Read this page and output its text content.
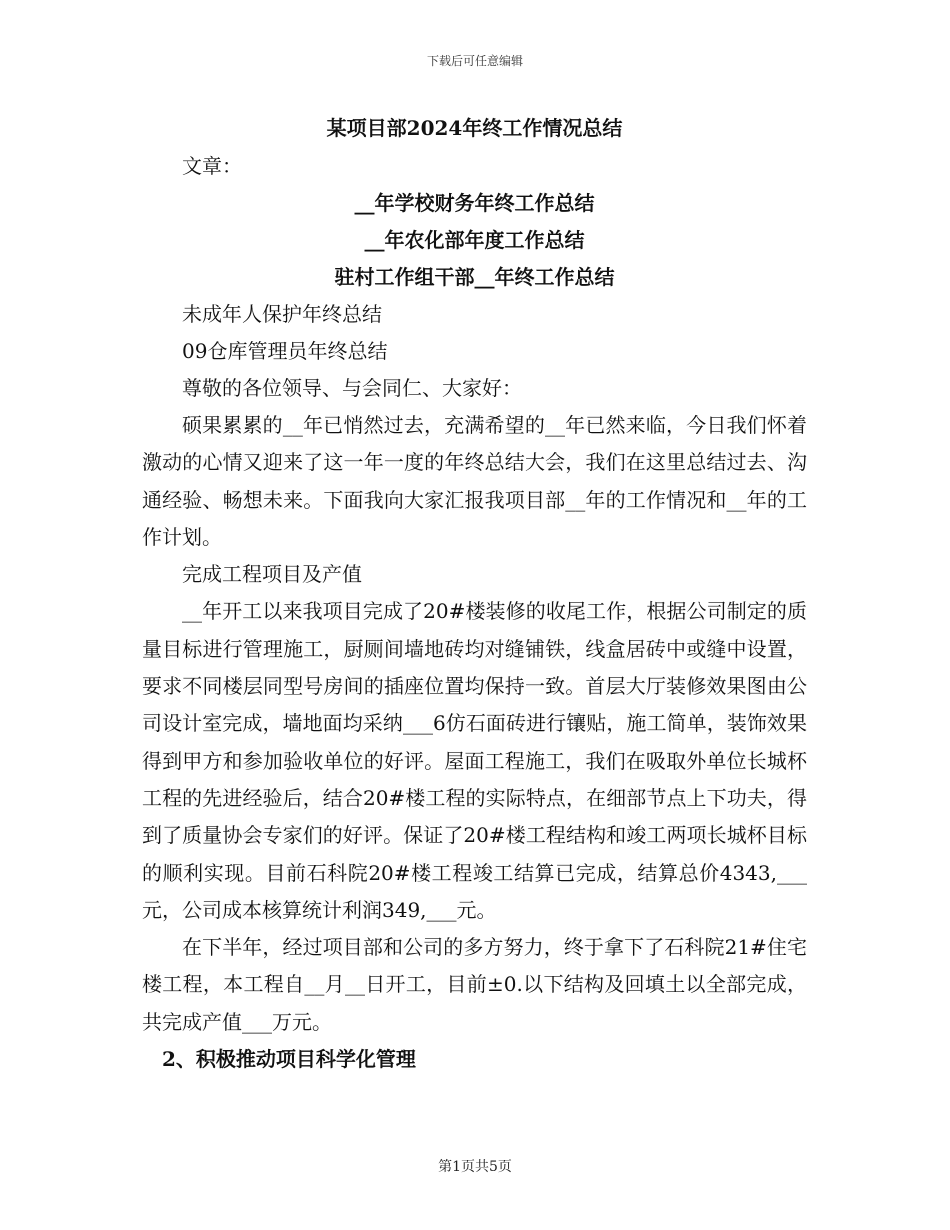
下载后可任意编辑
某项目部2024年终工作情况总结

文章：

__年学校财务年终工作总结

__年农化部年度工作总结

驻村工作组干部__年终工作总结

未成年人保护年终总结

09仓库管理员年终总结

尊敬的各位领导、与会同仁、大家好：

硕果累累的__年已悄然过去，充满希望的__年已然来临，今日我们怀着激动的心情又迎来了这一年一度的年终总结大会，我们在这里总结过去、沟通经验、畅想未来。下面我向大家汇报我项目部__年的工作情况和__年的工作计划。

完成工程项目及产值

__年开工以来我项目完成了20#楼装修的收尾工作，根据公司制定的质量目标进行管理施工，厨厕间墙地砖均对缝铺铁，线盒居砖中或缝中设置，要求不同楼层同型号房间的插座位置均保持一致。首层大厅装修效果图由公司设计室完成，墙地面均采纳___6仿石面砖进行镶贴，施工简单，装饰效果得到甲方和参加验收单位的好评。屋面工程施工，我们在吸取外单位长城杯工程的先进经验后，结合20#楼工程的实际特点，在细部节点上下功夫，得到了质量协会专家们的好评。保证了20#楼工程结构和竣工两项长城杯目标的顺利实现。目前石科院20#楼工程竣工结算已完成，结算总价4343,___元，公司成本核算统计利润349,___元。

在下半年，经过项目部和公司的多方努力，终于拿下了石科院21#住宅楼工程，本工程自__月__日开工，目前±0.以下结构及回填土以全部完成，共完成产值___万元。

2、积极推动项目科学化管理

第1页共5页
